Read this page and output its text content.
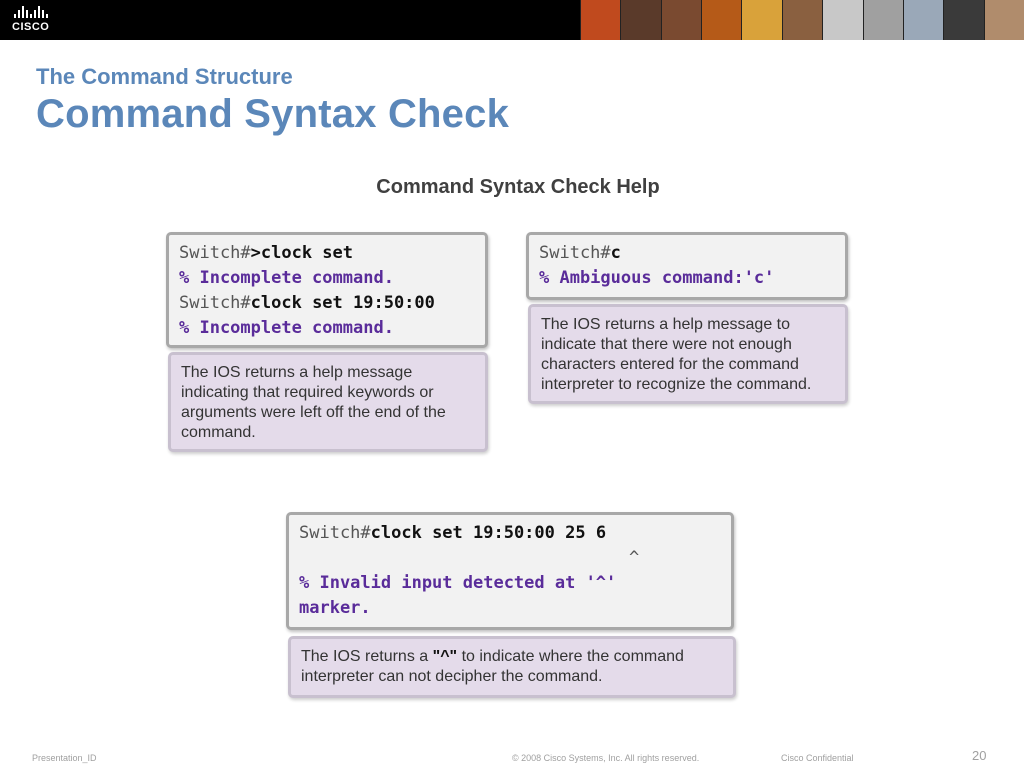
CISCO
The Command Structure
Command Syntax Check
Command Syntax Check Help
Switch#>clock set
% Incomplete command.
Switch#clock set 19:50:00
% Incomplete command.
The IOS returns a help message indicating that required keywords or arguments were left off the end of the command.
Switch#c
% Ambiguous command:'c'
The IOS returns a help message to indicate that there were not enough characters entered for the command interpreter to recognize the command.
Switch#clock set 19:50:00 25 6
^
% Invalid input detected at '^'
marker.
The IOS returns a "^" to indicate where the command interpreter can not decipher the command.
Presentation_ID	© 2008 Cisco Systems, Inc. All rights reserved.	Cisco Confidential	20
